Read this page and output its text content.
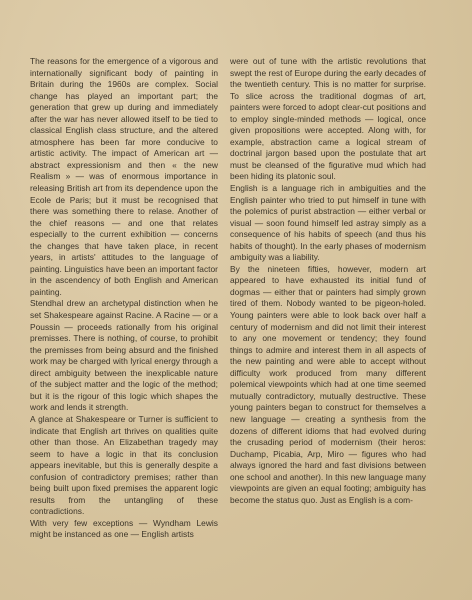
The reasons for the emergence of a vigorous and internationally significant body of painting in Britain during the 1960s are complex. Social change has played an important part; the generation that grew up during and immediately after the war has never allowed itself to be tied to classical English class structure, and the altered atmosphere has been far more conducive to artistic activity. The impact of American art — abstract expressionism and then « the new Realism » — was of enormous importance in releasing British art from its dependence upon the Ecole de Paris; but it must be recognised that there was something there to relase. Another of the chief reasons — and one that relates especially to the current exhibition — concerns the changes that have taken place, in recent years, in artists' attitudes to the language of painting. Linguistics have been an important factor in the ascendency of both English and American painting.

Stendhal drew an archetypal distinction when he set Shakespeare against Racine. A Racine — or a Poussin — proceeds rationally from his original premisses. There is nothing, of course, to prohibit the premisses from being absurd and the finished work may be charged with lyrical energy through a direct ambiguity between the inexplicable nature of the subject matter and the logic of the method; but it is the rigour of this logic which shapes the work and lends it strength.

A glance at Shakespeare or Turner is sufficient to indicate that English art thrives on qualities quite other than those. An Elizabethan tragedy may seem to have a logic in that its conclusion appears inevitable, but this is generally despite a confusion of contradictory premises; rather than being built upon fixed premises the apparent logic results from the untangling of these contradictions.

With very few exceptions — Wyndham Lewis might be instanced as one — English artists

were out of tune with the artistic revolutions that swept the rest of Europe during the early decades of the twentieth century. This is no matter for surprise. To slice across the traditional dogmas of art, painters were forced to adopt clear-cut positions and to employ single-minded methods — logical, once given propositions were accepted. Along with, for example, abstraction came a logical stream of doctrinal jargon based upon the postulate that art must be cleansed of the figurative mud which had been hiding its platonic soul.

English is a language rich in ambiguities and the English painter who tried to put himself in tune with the polemics of purist abstraction — either verbal or visual — soon found himself led astray simply as a consequence of his habits of speech (and thus his habits of thought). In the early phases of modernism ambiguity was a liability.

By the nineteen fifties, however, modern art appeared to have exhausted its initial fund of dogmas — either that or painters had simply grown tired of them. Nobody wanted to be pigeon-holed. Young painters were able to look back over half a century of modernism and did not limit their interest to any one movement or tendency; they found things to admire and interest them in all aspects of the new painting and were able to accept without difficulty work produced from many different polemical viewpoints which had at one time seemed mutually contradictory, mutually destructive. These young painters began to construct for themselves a new language — creating a synthesis from the dozens of different idioms that had evolved during the crusading period of modernism (their heros: Duchamp, Picabia, Arp, Miro — figures who had always ignored the hard and fast divisions between one school and another). In this new language many viewpoints are given an equal footing; ambiguity has become the status quo. Just as English is a com-
